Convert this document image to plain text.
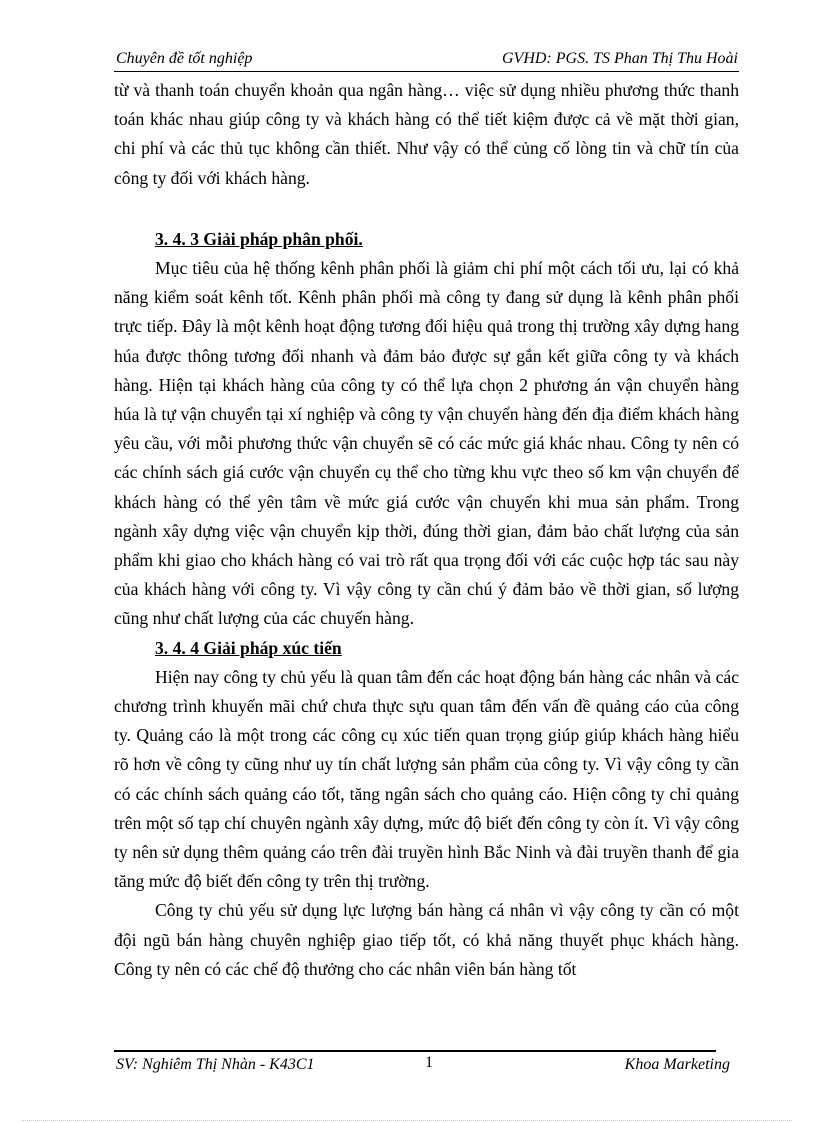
Chuyên đề tốt nghiệp	GVHD: PGS. TS Phan Thị Thu Hoài

từ và thanh toán chuyển khoản qua ngân hàng… việc sử dụng nhiều phương thức thanh toán khác nhau giúp công ty và khách hàng có thể tiết kiệm được cả về mặt thời gian, chi phí và các thủ tục không cần thiết. Như vậy có thể củng cố lòng tin và chữ tín của công ty đối với khách hàng.

3. 4. 3 Giải pháp phân phối.

Mục tiêu của hệ thống kênh phân phối là giảm chi phí một cách tối ưu, lại có khả năng kiểm soát kênh tốt. Kênh phân phối mà công ty đang sử dụng là kênh phân phối trực tiếp. Đây là một kênh hoạt động tương đối hiệu quả trong thị trường xây dựng hang húa được thông tương đối nhanh và đảm bảo được sự gắn kết giữa công ty và khách hàng. Hiện tại khách hàng của công ty có thể lựa chọn 2 phương án vận chuyển hàng húa là tự vận chuyển tại xí nghiệp và công ty vận chuyển hàng đến địa điểm khách hàng yêu cầu, với mỗi phương thức vận chuyển sẽ có các mức giá khác nhau. Công ty nên có các chính sách giá cước vận chuyển cụ thể cho từng khu vực theo số km vận chuyển để khách hàng có thể yên tâm về mức giá cước vận chuyển khi mua sản phẩm. Trong ngành xây dựng việc vận chuyển kịp thời, đúng thời gian, đảm bảo chất lượng của sản phẩm khi giao cho khách hàng có vai trò rất qua trọng đối với các cuộc hợp tác sau này của khách hàng với công ty. Vì vậy công ty cần chú ý đảm bảo về thời gian, số lượng cũng như chất lượng của các chuyến hàng.

3. 4. 4 Giải pháp xúc tiến

Hiện nay công ty chủ yếu là quan tâm đến các hoạt động bán hàng các nhân và các chương trình khuyến mãi chứ chưa thực sựu quan tâm đến vấn đề quảng cáo của công ty. Quảng cáo là một trong các công cụ xúc tiến quan trọng giúp giúp khách hàng hiểu rõ hơn về công ty cũng như uy tín chất lượng sản phẩm của công ty. Vì vậy công ty cần có các chính sách quảng cáo tốt, tăng ngân sách cho quảng cáo. Hiện công ty chỉ quảng trên một số tạp chí chuyên ngành xây dựng, mức độ biết đến công ty còn ít. Vì vậy công ty nên sử dụng thêm quảng cáo trên đài truyền hình Bắc Ninh và đài truyền thanh để gia tăng mức độ biết đến công ty trên thị trường.

Công ty chủ yếu sử dụng lực lượng bán hàng cá nhân vì vậy công ty cần có một đội ngũ bán hàng chuyên nghiệp giao tiếp tốt, có khả năng thuyết phục khách hàng. Công ty nên có các chế độ thưởng cho các nhân viên bán hàng tốt

SV: Nghiêm Thị Nhàn - K43C1	1	Khoa Marketing
